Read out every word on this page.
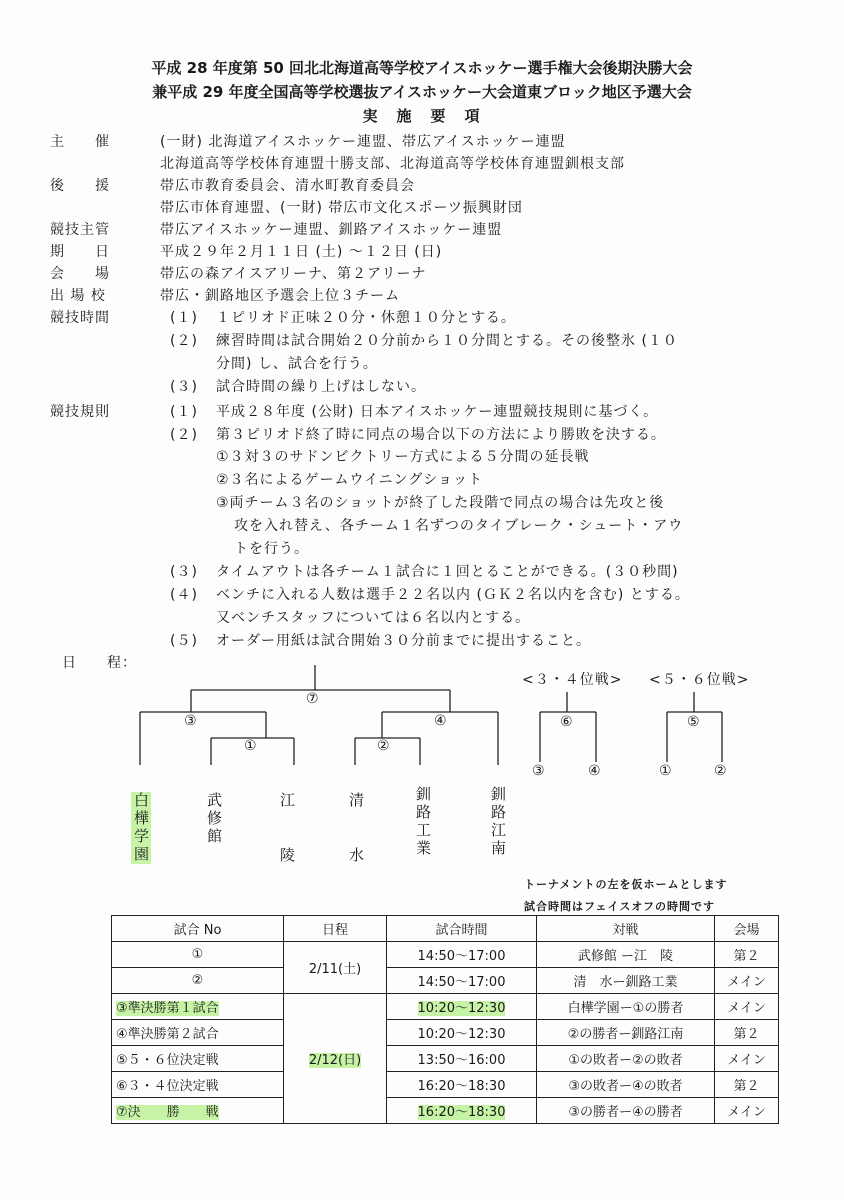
平成 28 年度第 50 回北北海道高等学校アイスホッケー選手権大会後期決勝大会
兼平成 29 年度全国高等学校選抜アイスホッケー大会道東ブロック地区予選大会
実　施　要　項
主　　催	(一財) 北海道アイスホッケー連盟、帯広アイスホッケー連盟
北海道高等学校体育連盟十勝支部、北海道高等学校体育連盟釧根支部
後　　援	帯広市教育委員会、清水町教育委員会
帯広市体育連盟、(一財) 帯広市文化スポーツ振興財団
競技主管	帯広アイスホッケー連盟、釧路アイスホッケー連盟
期　　日	平成２９年２月１１日 (土) 〜１２日 (日)
会　　場	帯広の森アイスアリーナ、第２アリーナ
出 場 校	帯広・釧路地区予選会上位３チーム
競技時間	(１) １ピリオド正味２０分・休憩１０分とする。
(２) 練習時間は試合開始２０分前から１０分間とする。その後整氷 (１０
分間) し、試合を行う。
(３) 試合時間の繰り上げはしない。
競技規則	(１) 平成２８年度 (公財) 日本アイスホッケー連盟競技規則に基づく。
(２) 第３ピリオド終了時に同点の場合以下の方法により勝敗を決する。
①３対３のサドンビクトリー方式による５分間の延長戦
②３名によるゲームウイニングショット
③両チーム３名のショットが終了した段階で同点の場合は先攻と後
攻を入れ替え、各チーム１名ずつのタイブレーク・シュート・アウ
トを行う。
(３) タイムアウトは各チーム１試合に１回とることができる。(３０秒間)
(４) ベンチに入れる人数は選手２２名以内 (ＧＫ２名以内を含む) とする。
又ベンチスタッフについては６名以内とする。
(５) オーダー用紙は試合開始３０分前までに提出すること。
日　　程：
⑦
③	④
①	②
<３・４位戦>
⑥
③	④
<５・６位戦>
⑤
①	②
白樺学園	武修館	江陵	清水	釧路工業	釧路江南
トーナメントの左を仮ホームとします
試合時間はフェイスオフの時間です
試合 No	日程	試合時間	対戦	会場
①	2/11(土)	14:50〜17:00	武修館 ー江　陵	第２
②		14:50〜17:00	清　水ー釧路工業	メイン
③準決勝第１試合	2/12(日)	10:20〜12:30	白樺学園ー①の勝者	メイン
④準決勝第２試合		10:20〜12:30	②の勝者ー釧路江南	第２
⑤５・６位決定戦		13:50〜16:00	①の敗者ー②の敗者	メイン
⑥３・４位決定戦		16:20〜18:30	③の敗者ー④の敗者	第２
⑦決　　勝　　戦		16:20〜18:30	③の勝者ー④の勝者	メイン
